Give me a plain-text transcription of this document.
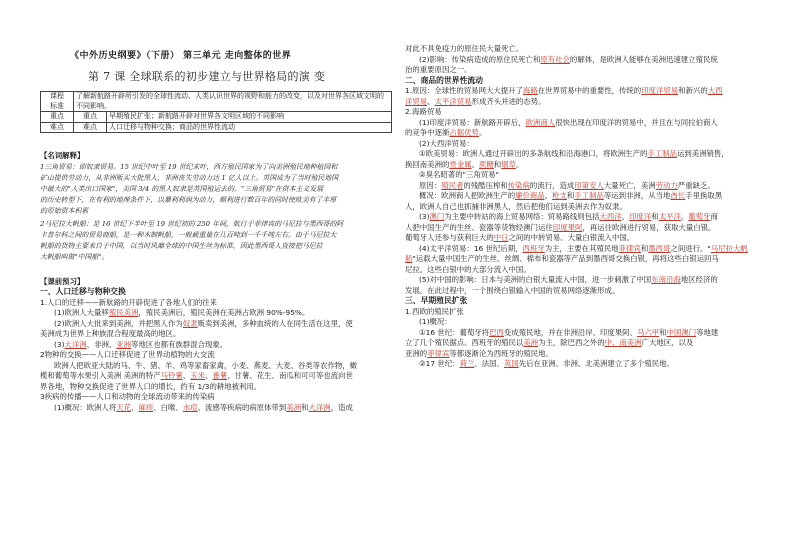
《中外历史纲要》（下册） 第三单元 走向整体的世界
第 7 课 全球联系的初步建立与世界格局的演 变
课程
标准	了解新航路开辟所引发的全球性流动、人类认识世界的视野和能力的改变，以及对世界各区域文明的不同影响。	
重点	重点	早期殖民扩张；新航路开辟对世界各文明区域的不同影响
难点	难点	人口迁移与物种交换；商品的世界性流动

【名词解释】

1三角贸易：即奴隶贸易。15 世纪中叶至 19 世纪末叶，西方殖民国家为了向美洲殖民地种植园和

矿山提供劳动力，从非洲贩买大批黑人，非洲丧失劳动力达 1 亿人以上。英国成为了当时殖民地国

中最大的"人类出口国家"，美国 3/4 的黑人奴隶是英国殖运去的。"三角贸易"在资本主义发展

的历史转型下，在有利的地理条件下，以暴利利润为动力，顺利进行数百年的同时使欧美有了丰厚

的原始资本积累

2马尼拉大帆船：是 16 世纪下半叶至 19 世纪初的 250 年间，航行于菲律宾的马尼拉与墨西哥的阿

卡普尔科之间的贸易商船，是一种木制帆船，一般载重量在几百吨到一千千吨左右。由于马尼拉大

帆船的货物主要来自于中国，以当时风靡全球的中国生丝为标准，因此墨西哥人直接把马尼拉

大帆船叫做"中国船"。

【课前预习】

一、人口迁移与物种交换

1.人口的迁移——新航路的开辟促进了各地人们的往来

(1)欧洲人大量移殖民美洲，殖民美洲后，殖民美洲在美洲占欧洲 90%-95%。

(2)欧洲人大批来到美洲，并把黑人作为奴隶贩卖到美洲，多种血统的人在同生活在这里，使

美洲成为世界上种族混合程度最高的地区。

(3)大洋洲、非洲、亚洲等地区也都有族群混合现象。

2物种的交换——人口迁移促进了世界动植物的大交流

欧洲人把欧亚大陆的马、牛、猪、羊、鸡等家畜家禽，小麦、燕麦、大麦、谷类等农作物，橄

榄和葡萄等水果引入美洲 美洲的特产马铃薯、玉米、番薯、甘薯、花生、南瓜和可可等也流向世

界各地，物种交换促进了世界人口的增长，约有 1/3的耕地被利用。

3疾病的传播——人口和动物的全球流动带来的传染病

(1)概况：欧洲人将天花、麻疹、白喉、水痘、流感等疾病的病原体带到美洲和大洋洲，造成

对此不具免疫力的原住民大量死亡。

(2)影响：传染病造成的原住民死亡和原有社会的解体，是欧洲人能够在美洲迅速建立殖民统

治的重要原因之一。

二、商品的世界性流动

1.原因：全球性的贸易网大大提升了海路在世界贸易中的重要性，传统的印度洋贸易和新兴的大西

洋贸易、太平洋贸易形成齐头并进的态势。

2.海路贸易

(1)印度洋贸易：新航路开辟后，欧洲商人很快出现在印度洋的贸易中，并且在与同拉伯商人

的竞争中逐渐占据优势。

(2)大西洋贸易：

①欧美贸易：欧洲人通过开辟出的多条航线和沿海港口，将欧洲生产的手工制品运到美洲销售，

换回南美洲的贵金属、蔗糖和烟草。

②臭名昭著的"三角贸易"

原因：殖民者的残酷压榨和传染病的流行，造成印第安人大量死亡，美洲劳动力严重缺乏。

概况：欧洲商人把欧洲生产的廉价商品、枪支和手工制品等运到非洲，从当地酋长手里换取黑

人，欧洲人自己也抓捕非洲黑人，然后把他们运到美洲去作为奴隶。

(3)澳门为主要中转站的海上贸易网络：贸易路线则包括大西洋、印度洋和太平洋。葡萄牙商

人把中国生产的生丝、瓷器等货物经澳门运往印度果阿，再运往欧洲进行贸易，获取大量白银。

葡萄牙人还参与获利巨大的中日之间的中转贸易。大量白银流入中国。

(4)太平洋贸易：16 世纪后期，西班牙为主，主要在其殖民地菲律宾和墨西哥之间进行。"马尼拉大帆

船"运载大量中国生产的生丝、丝绸、棉布和瓷器等产品到墨西哥交换白银，再将这些白银运回马

尼拉。这些白银中的大部分流入中国。

(5)对中国的影响：日本与美洲的白银大量流入中国，进一步刺激了中国东南沿海地区经济的

发展。在此过程中，一个围绕白银输入中国的贸易网络逐渐形成。

三、早期殖民扩张

1.西欧的殖民扩张

(1)概况：

①16 世纪：葡萄牙将巴西变成殖民地，并在非洲沿岸、印度果阿、马六甲和中国澳门等地建

立了几个殖民据点。西班牙的殖民以美洲为主，除巴西之外的中、南美洲广大地区，以及

亚洲的菲律宾等都逐渐沦为西班牙的殖民地。

②17 世纪：荷兰、法国、英国先后在亚洲、非洲、北美洲建立了多个殖民地。
